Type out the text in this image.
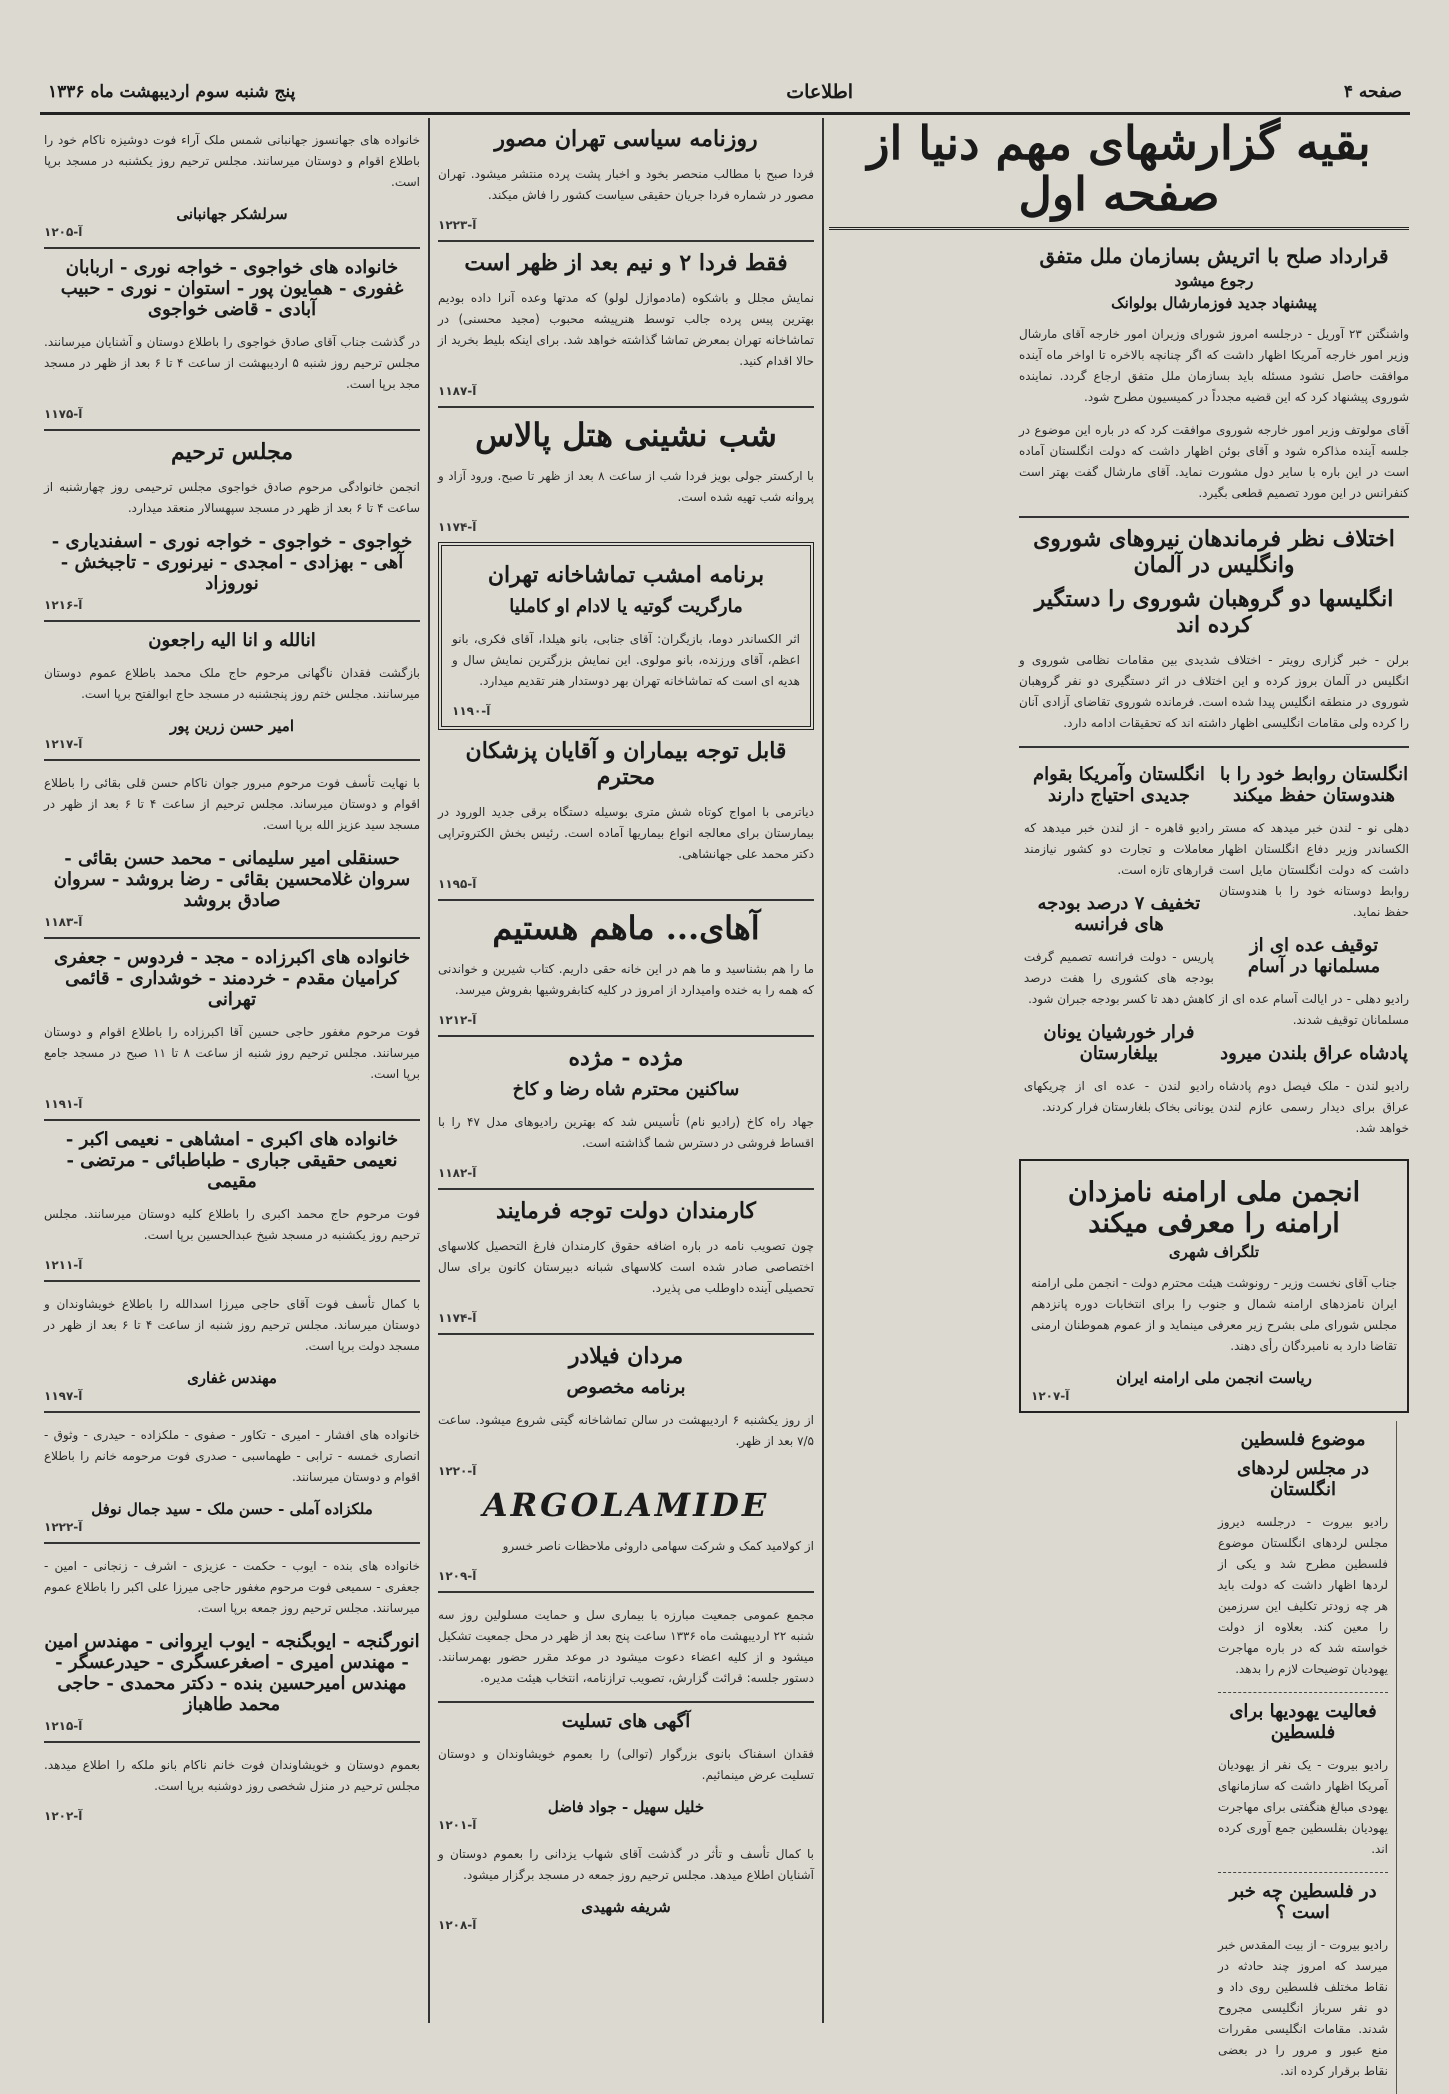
صفحه ۴
اطلاعات
پنج شنبه سوم اردیبهشت ماه ۱۳۳۶
بقیه گزارشهای مهم دنیا از صفحه اول
قرارداد صلح با اتریش بسازمان ملل متفق
رجوع میشود
پیشنهاد جدید فوزمارشال بولوانک

واشنگتن ۲۳ آوریل - درجلسه امروز شورای وزیران امور خارجه آقای مارشال وزیر امور خارجه آمریکا اظهار داشت که اگر چنانچه بالاخره تا اواخر ماه آینده موافقت حاصل نشود مسئله باید بسازمان ملل متفق ارجاع گردد. نماینده شوروی پیشنهاد کرد که این قضیه مجدداً در کمیسیون مطرح شود.

آقای مولوتف وزیر امور خارجه شوروی موافقت کرد که در باره این موضوع در جلسه آینده مذاکره شود و آقای بوئن اظهار داشت که دولت انگلستان آماده است در این باره با سایر دول مشورت نماید. آقای مارشال گفت بهتر است کنفرانس در این مورد تصمیم قطعی بگیرد.

اختلاف نظر فرماندهان نیروهای شوروی وانگلیس در آلمان
انگلیسها دو گروهبان شوروی را دستگیر کرده اند

برلن - خبر گزاری رویتر - اختلاف شدیدی بین مقامات نظامی شوروی و انگلیس در آلمان بروز کرده و این اختلاف در اثر دستگیری دو نفر گروهبان شوروی در منطقه انگلیس پیدا شده است. فرمانده شوروی تقاضای آزادی آنان را کرده ولی مقامات انگلیسی اظهار داشته اند که تحقیقات ادامه دارد.

انگلستان روابط خود را با هندوستان حفظ میکند

دهلی نو - لندن خبر میدهد که مستر الکساندر وزیر دفاع انگلستان اظهار داشت که دولت انگلستان مایل است روابط دوستانه خود را با هندوستان حفظ نماید.

توقیف عده ای از مسلمانها در آسام

رادیو دهلی - در ایالت آسام عده ای از مسلمانان توقیف شدند.

پادشاه عراق بلندن میرود

رادیو لندن - ملک فیصل دوم پادشاه عراق برای دیدار رسمی عازم لندن خواهد شد.

انگلستان وآمریکا بقوام جدیدی احتیاج دارند

رادیو قاهره - از لندن خبر میدهد که معاملات و تجارت دو کشور نیازمند قرارهای تازه است.

تخفیف ۷ درصد بودجه های فرانسه

پاریس - دولت فرانسه تصمیم گرفت بودجه های کشوری را هفت درصد کاهش دهد تا کسر بودجه جبران شود.

فرار خورشیان یونان بیلغارستان

رادیو لندن - عده ای از چریکهای یونانی بخاک بلغارستان فرار کردند.

انجمن ملی ارامنه نامزدان ارامنه را معرفی میکند
تلگراف شهری

جناب آقای نخست وزیر - رونوشت هیئت محترم دولت - انجمن ملی ارامنه ایران نامزدهای ارامنه شمال و جنوب را برای انتخابات دوره پانزدهم مجلس شورای ملی بشرح زیر معرفی مینماید و از عموم هموطنان ارمنی تقاضا دارد به نامبردگان رأی دهند.

ریاست انجمن ملی ارامنه ایران
آ-۱۲۰۷

موضوع فلسطین
در مجلس لردهای انگلستان

رادیو بیروت - درجلسه دیروز مجلس لردهای انگلستان موضوع فلسطین مطرح شد و یکی از لردها اظهار داشت که دولت باید هر چه زودتر تکلیف این سرزمین را معین کند. بعلاوه از دولت خواسته شد که در باره مهاجرت یهودیان توضیحات لازم را بدهد.

فعالیت یهودیها برای فلسطین

رادیو بیروت - یک نفر از یهودیان آمریکا اظهار داشت که سازمانهای یهودی مبالغ هنگفتی برای مهاجرت یهودیان بفلسطین جمع آوری کرده اند.

در فلسطین چه خبر است ؟

رادیو بیروت - از بیت المقدس خبر میرسد که امروز چند حادثه در نقاط مختلف فلسطین روی داد و دو نفر سرباز انگلیسی مجروح شدند. مقامات انگلیسی مقررات منع عبور و مرور را در بعضی نقاط برقرار کرده اند.

روزنامه سیاسی تهران مصور

فردا صبح با مطالب منحصر بخود و اخبار پشت پرده منتشر میشود. تهران مصور در شماره فردا جریان حقیقی سیاست کشور را فاش میکند.

آ-۱۲۲۳
فقط فردا ۲ و نیم بعد از ظهر است

نمایش مجلل و باشکوه (مادموازل لولو) که مدتها وعده آنرا داده بودیم بهترین پیس پرده جالب توسط هنرپیشه محبوب (مجید محسنی) در تماشاخانه تهران بمعرض تماشا گذاشته خواهد شد. برای اینکه بلیط بخرید از حالا اقدام کنید.

آ-۱۱۸۷
شب نشینی هتل پالاس

با ارکستر جولی بویز فردا شب از ساعت ۸ بعد از ظهر تا صبح. ورود آزاد و پروانه شب تهیه شده است.

آ-۱۱۷۴
برنامه امشب تماشاخانه تهران
مارگریت گوتیه یا لادام او کاملیا

اثر الکساندر دوما، بازیگران: آقای جنابی، بانو هیلدا، آقای فکری، بانو اعظم، آقای ورزنده، بانو مولوی. این نمایش بزرگترین نمایش سال و هدیه ای است که تماشاخانه تهران بهر دوستدار هنر تقدیم میدارد.

آ-۱۱۹۰
قابل توجه بیماران و آقایان پزشکان محترم

دیاترمی با امواج کوتاه شش متری بوسیله دستگاه برقی جدید الورود در بیمارستان برای معالجه انواع بیماریها آماده است. رئیس بخش الکتروتراپی دکتر محمد علی جهانشاهی.

آ-۱۱۹۵
آهای... ماهم هستیم

ما را هم بشناسید و ما هم در این خانه حقی داریم. کتاب شیرین و خواندنی که همه را به خنده وامیدارد از امروز در کلیه کتابفروشیها بفروش میرسد.

آ-۱۲۱۲
مژده - مژده
ساکنین محترم شاه رضا و کاخ

جهاد راه کاخ (رادیو نام) تأسیس شد که بهترین رادیوهای مدل ۴۷ را با اقساط فروشی در دسترس شما گذاشته است.

آ-۱۱۸۲
کارمندان دولت توجه فرمایند

چون تصویب نامه در باره اضافه حقوق کارمندان فارغ التحصیل کلاسهای اختصاصی صادر شده است کلاسهای شبانه دبیرستان کانون برای سال تحصیلی آینده داوطلب می پذیرد.

آ-۱۱۷۴
مردان فیلادر
برنامه مخصوص

از روز یکشنبه ۶ اردیبهشت در سالن تماشاخانه گیتی شروع میشود. ساعت ۷/۵ بعد از ظهر.

آ-۱۲۲۰
ARGOLAMIDE

از کولامید کمک و شرکت سهامی داروئی ملاحظات ناصر خسرو

آ-۱۲۰۹

مجمع عمومی جمعیت مبارزه با بیماری سل و حمایت مسلولین روز سه شنبه ۲۲ اردیبهشت ماه ۱۳۳۶ ساعت پنج بعد از ظهر در محل جمعیت تشکیل میشود و از کلیه اعضاء دعوت میشود در موعد مقرر حضور بهمرسانند. دستور جلسه: قرائت گزارش، تصویب ترازنامه، انتخاب هیئت مدیره.

آگهی های تسلیت

فقدان اسفناک بانوی بزرگوار (توالی) را بعموم خویشاوندان و دوستان تسلیت عرض مینمائیم.

خلیل سهیل - جواد فاضل
آ-۱۲۰۱

با کمال تأسف و تأثر در گذشت آقای شهاب یزدانی را بعموم دوستان و آشنایان اطلاع میدهد. مجلس ترحیم روز جمعه در مسجد برگزار میشود.

شریفه شهیدی
آ-۱۲۰۸

خانواده های جهانسوز جهانبانی شمس ملک آراء فوت دوشیزه ناکام خود را باطلاع اقوام و دوستان میرسانند. مجلس ترحیم روز یکشنبه در مسجد برپا است.

سرلشکر جهانبانی
آ-۱۲۰۵
خانواده های خواجوی - خواجه نوری - اربابان غفوری - همایون پور - استوان - نوری - حبیب آبادی - قاضی خواجوی

در گذشت جناب آقای صادق خواجوی را باطلاع دوستان و آشنایان میرسانند. مجلس ترحیم روز شنبه ۵ اردیبهشت از ساعت ۴ تا ۶ بعد از ظهر در مسجد مجد برپا است.

آ-۱۱۷۵
مجلس ترحیم

انجمن خانوادگی مرحوم صادق خواجوی مجلس ترحیمی روز چهارشنبه از ساعت ۴ تا ۶ بعد از ظهر در مسجد سپهسالار منعقد میدارد.

خواجوی - خواجوی - خواجه نوری - اسفندیاری - آهی - بهزادی - امجدی - نیرنوری - تاجبخش - نوروزاد
آ-۱۲۱۶
انالله و انا الیه راجعون

بازگشت فقدان ناگهانی مرحوم حاج ملک محمد باطلاع عموم دوستان میرسانند. مجلس ختم روز پنجشنبه در مسجد حاج ابوالفتح برپا است.

امیر حسن زرین پور
آ-۱۲۱۷

با نهایت تأسف فوت مرحوم مبرور جوان ناکام حسن قلی بقائی را باطلاع اقوام و دوستان میرساند. مجلس ترحیم از ساعت ۴ تا ۶ بعد از ظهر در مسجد سید عزیز الله برپا است.

حسنقلی امیر سلیمانی - محمد حسن بقائی - سروان غلامحسین بقائی - رضا بروشد - سروان صادق بروشد
آ-۱۱۸۳
خانواده های اکبرزاده - مجد - فردوس - جعفری کرامیان مقدم - خردمند - خوشداری - قائمی تهرانی

فوت مرحوم مغفور حاجی حسین آقا اکبرزاده را باطلاع اقوام و دوستان میرسانند. مجلس ترحیم روز شنبه از ساعت ۸ تا ۱۱ صبح در مسجد جامع برپا است.

آ-۱۱۹۱
خانواده های اکبری - امشاهی - نعیمی اکبر - نعیمی حقیقی جباری - طباطبائی - مرتضی - مقیمی

فوت مرحوم حاج محمد اکبری را باطلاع کلیه دوستان میرسانند. مجلس ترحیم روز یکشنبه در مسجد شیخ عبدالحسین برپا است.

آ-۱۲۱۱

با کمال تأسف فوت آقای حاجی میرزا اسدالله را باطلاع خویشاوندان و دوستان میرساند. مجلس ترحیم روز شنبه از ساعت ۴ تا ۶ بعد از ظهر در مسجد دولت برپا است.

مهندس غفاری
آ-۱۱۹۷

خانواده های افشار - امیری - تکاور - صفوی - ملکزاده - حیدری - وثوق - انصاری خمسه - ترابی - طهماسبی - صدری فوت مرحومه خانم را باطلاع اقوام و دوستان میرسانند.

ملکزاده آملی - حسن ملک - سید جمال نوفل
آ-۱۲۲۲

خانواده های بنده - ایوب - حکمت - عزیزی - اشرف - زنجانی - امین - جعفری - سمیعی فوت مرحوم مغفور حاجی میرزا علی اکبر را باطلاع عموم میرسانند. مجلس ترحیم روز جمعه برپا است.

انورگنجه - ایوبگنجه - ایوب ایروانی - مهندس امین - مهندس امیری - اصغرعسگری - حیدرعسگر - مهندس امیرحسین بنده - دکتر محمدی - حاجی محمد طاهباز
آ-۱۲۱۵

بعموم دوستان و خویشاوندان فوت خانم ناکام بانو ملکه را اطلاع میدهد. مجلس ترحیم در منزل شخصی روز دوشنبه برپا است.

آ-۱۲۰۲
